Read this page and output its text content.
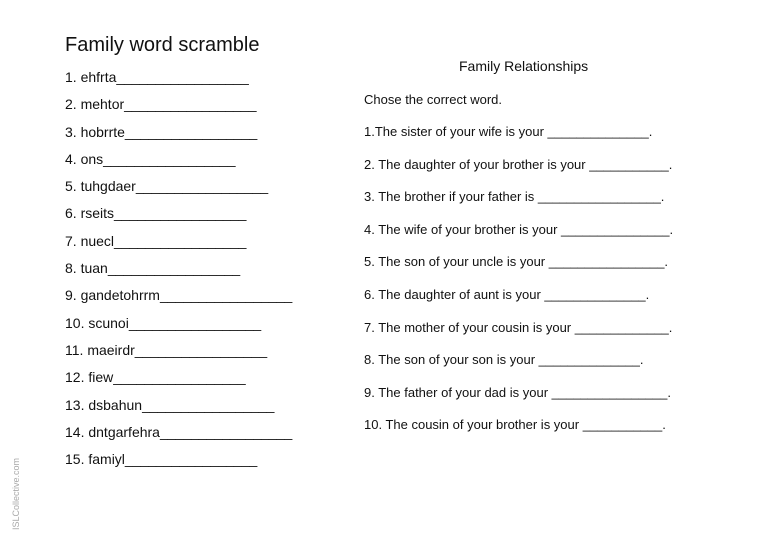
Family word scramble
1. ehfrta_________________
2. mehtor_________________
3. hobrrte_________________
4. ons_________________
5. tuhgdaer_________________
6. rseits_________________
7. nuecl_________________
8. tuan_________________
9. gandetohrrm_________________
10. scunoi_________________
11. maeirdr_________________
12. fiew_________________
13. dsbahun_________________
14. dntgarfehra_________________
15. famiyl_________________
Family Relationships
Chose the correct word.
1.The sister of your wife is your ______________.
2. The daughter of your brother is your ___________.
3. The brother if your father is _________________.
4. The wife of your brother is your _______________.
5. The son of your uncle is your ________________.
6. The daughter of aunt is your ______________.
7. The mother of your cousin is your _____________.
8. The son of your son is your ______________.
9. The father of your dad is your ________________.
10. The cousin of your brother is your ___________.
ISLCollective.com
